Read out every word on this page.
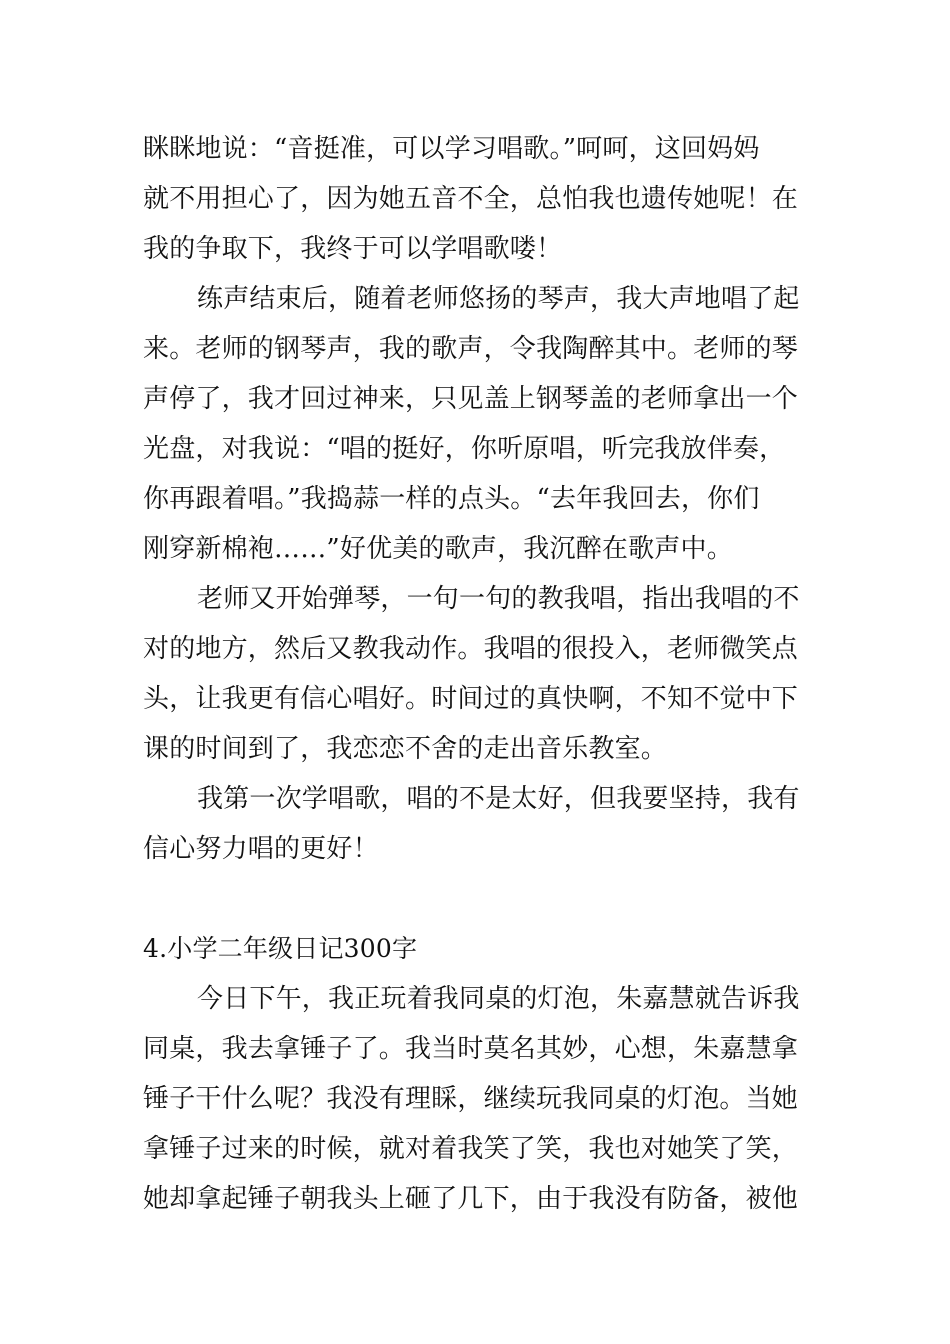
眯眯地说：“音挺准，可以学习唱歌。”呵呵，这回妈妈
就不用担心了，因为她五音不全，总怕我也遗传她呢！在
我的争取下，我终于可以学唱歌喽！
练声结束后，随着老师悠扬的琴声，我大声地唱了起
来。老师的钢琴声，我的歌声，令我陶醉其中。老师的琴
声停了，我才回过神来，只见盖上钢琴盖的老师拿出一个
光盘，对我说：“唱的挺好，你听原唱，听完我放伴奏，
你再跟着唱。”我捣蒜一样的点头。“去年我回去，你们
刚穿新棉袍……”好优美的歌声，我沉醉在歌声中。
老师又开始弹琴，一句一句的教我唱，指出我唱的不
对的地方，然后又教我动作。我唱的很投入，老师微笑点
头，让我更有信心唱好。时间过的真快啊，不知不觉中下
课的时间到了，我恋恋不舍的走出音乐教室。
我第一次学唱歌，唱的不是太好，但我要坚持，我有
信心努力唱的更好！
4.小学二年级日记300字
今日下午，我正玩着我同桌的灯泡，朱嘉慧就告诉我
同桌，我去拿锤子了。我当时莫名其妙，心想，朱嘉慧拿
锤子干什么呢？我没有理睬，继续玩我同桌的灯泡。当她
拿锤子过来的时候，就对着我笑了笑，我也对她笑了笑，
她却拿起锤子朝我头上砸了几下，由于我没有防备，被他
